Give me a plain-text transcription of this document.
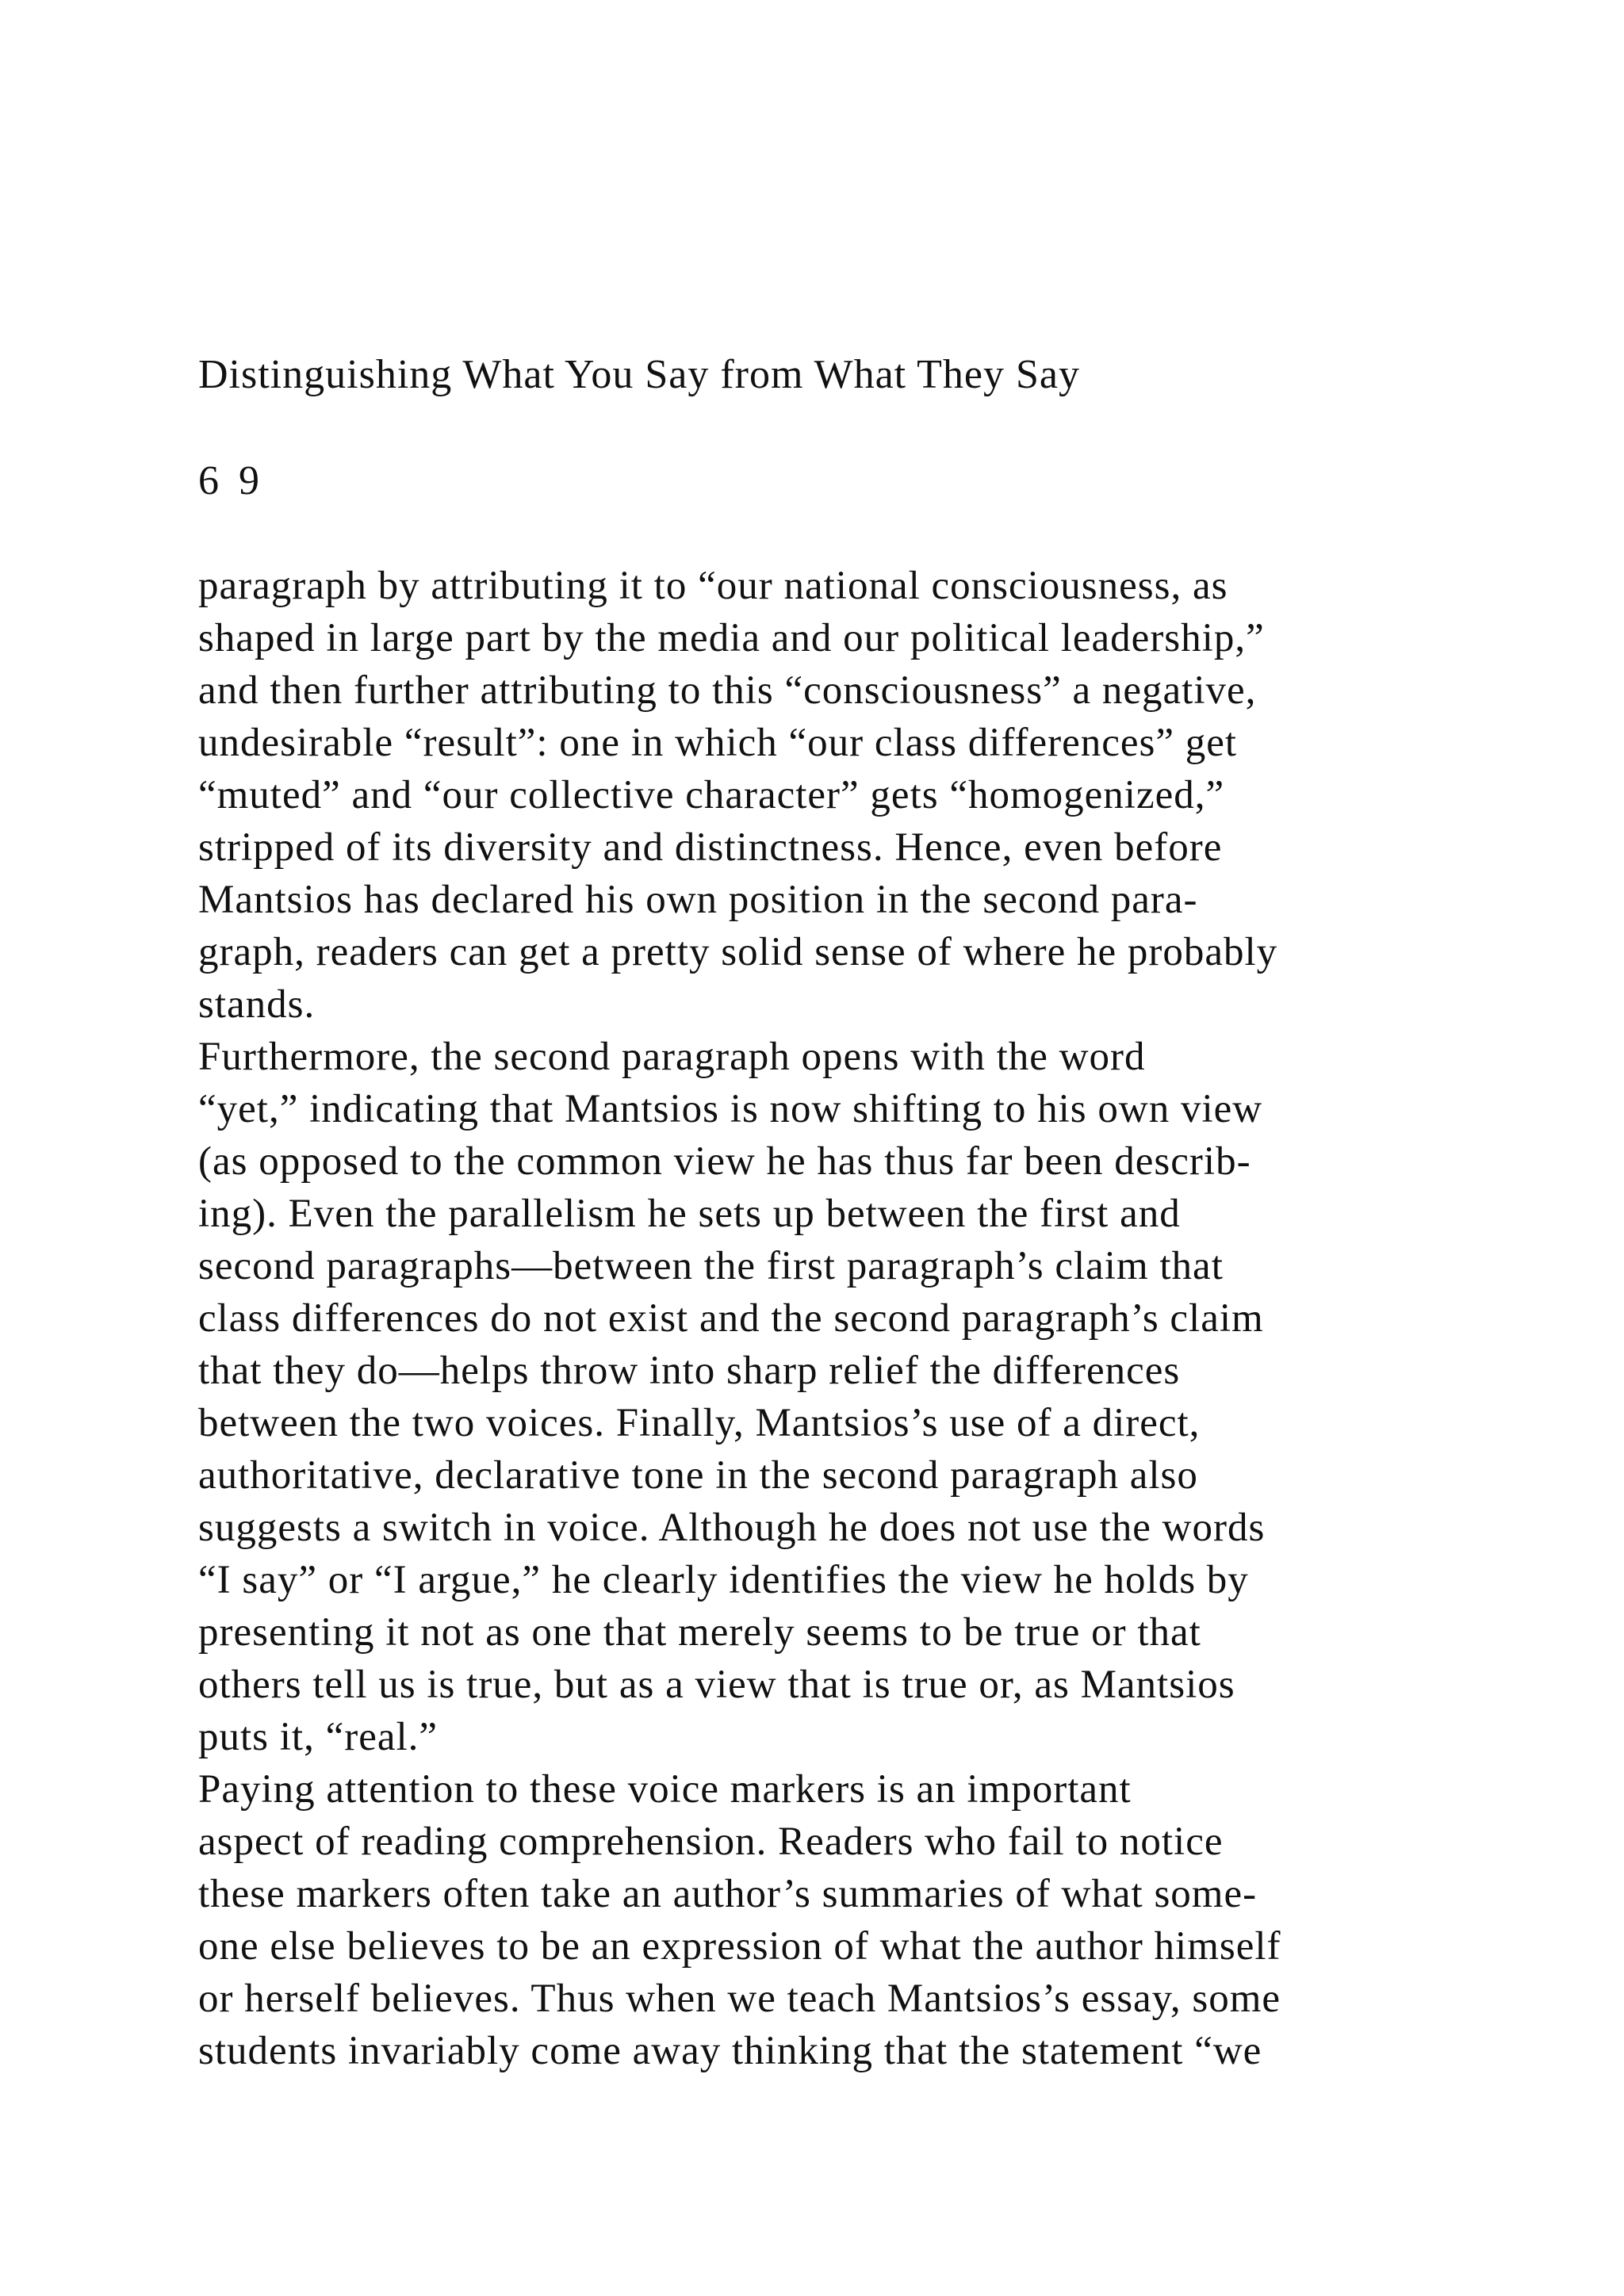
Distinguishing What You Say from What They Say
6 9
paragraph by attributing it to “our national consciousness, as
shaped in large part by the media and our political leadership,”
and then further attributing to this “consciousness” a negative,
undesirable “result”: one in which “our class differences” get
“muted” and “our collective character” gets “homogenized,”
stripped of its diversity and distinctness. Hence, even before
Mantsios has declared his own position in the second para-
graph, readers can get a pretty solid sense of where he probably
stands.
Furthermore, the second paragraph opens with the word
“yet,” indicating that Mantsios is now shifting to his own view
(as opposed to the common view he has thus far been describ-
ing). Even the parallelism he sets up between the first and
second paragraphs—between the first paragraph’s claim that
class differences do not exist and the second paragraph’s claim
that they do—helps throw into sharp relief the differences
between the two voices. Finally, Mantsios’s use of a direct,
authoritative, declarative tone in the second paragraph also
suggests a switch in voice. Although he does not use the words
“I say” or “I argue,” he clearly identifies the view he holds by
presenting it not as one that merely seems to be true or that
others tell us is true, but as a view that is true or, as Mantsios
puts it, “real.”
Paying attention to these voice markers is an important
aspect of reading comprehension. Readers who fail to notice
these markers often take an author’s summaries of what some-
one else believes to be an expression of what the author himself
or herself believes. Thus when we teach Mantsios’s essay, some
students invariably come away thinking that the statement “we
